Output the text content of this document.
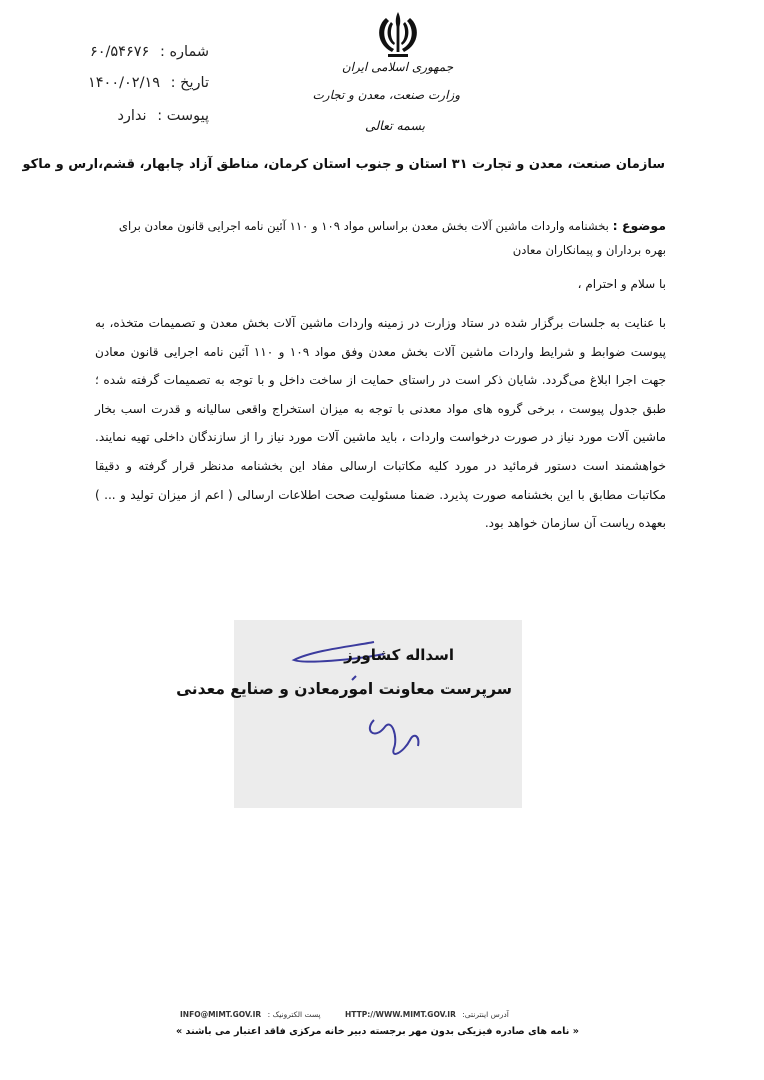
شماره : ۶۰/۵۴۶۷۶
تاریخ : ۱۴۰۰/۰۲/۱۹
پیوست : ندارد
جمهوری اسلامی ایران
وزارت صنعت، معدن و تجارت
بسمه تعالی
سازمان صنعت، معدن و تجارت ۳۱ استان و جنوب استان کرمان، مناطق آزاد چابهار، قشم،ارس و ماکو
موضوع : بخشنامه واردات ماشین آلات بخش معدن براساس مواد ۱۰۹ و ۱۱۰ آئین نامه اجرایی قانون معادن برای
بهره برداران و پیمانکاران معادن
با سلام و احترام ،
با عنایت به جلسات برگزار شده در ستاد وزارت در زمینه واردات ماشین آلات بخش معدن و تصمیمات متخذه، به پیوست ضوابط و شرایط واردات ماشین آلات بخش معدن وفق مواد ۱۰۹ و ۱۱۰ آئین نامه اجرایی قانون معادن جهت اجرا ابلاغ می‌گردد. شایان ذکر است در راستای حمایت از ساخت داخل و با توجه به تصمیمات گرفته شده ؛ طبق جدول پیوست ، برخی گروه های مواد معدنی با توجه به میزان استخراج واقعی سالیانه و قدرت اسب بخار ماشین آلات مورد نیاز در صورت درخواست واردات ، باید ماشین آلات مورد نیاز را از سازندگان داخلی تهیه نمایند. خواهشمند است دستور فرمائید در مورد کلیه مکاتبات ارسالی مفاد این بخشنامه مدنظر قرار گرفته و دقیقا مکاتبات مطابق با این بخشنامه صورت پذیرد. ضمنا مسئولیت صحت اطلاعات ارسالی ( اعم از میزان تولید و ... ) بعهده ریاست آن سازمان خواهد بود.
اسداله کشاورز
سرپرست معاونت امورمعادن و صنایع معدنی
آدرس اینترنتی: HTTP://WWW.MIMT.GOV.IR پست الکترونیک : INFO@MIMT.GOV.IR
« نامه های صادره فیزیکی بدون مهر برجسته دبیر خانه مرکزی فاقد اعتبار می باشند »
